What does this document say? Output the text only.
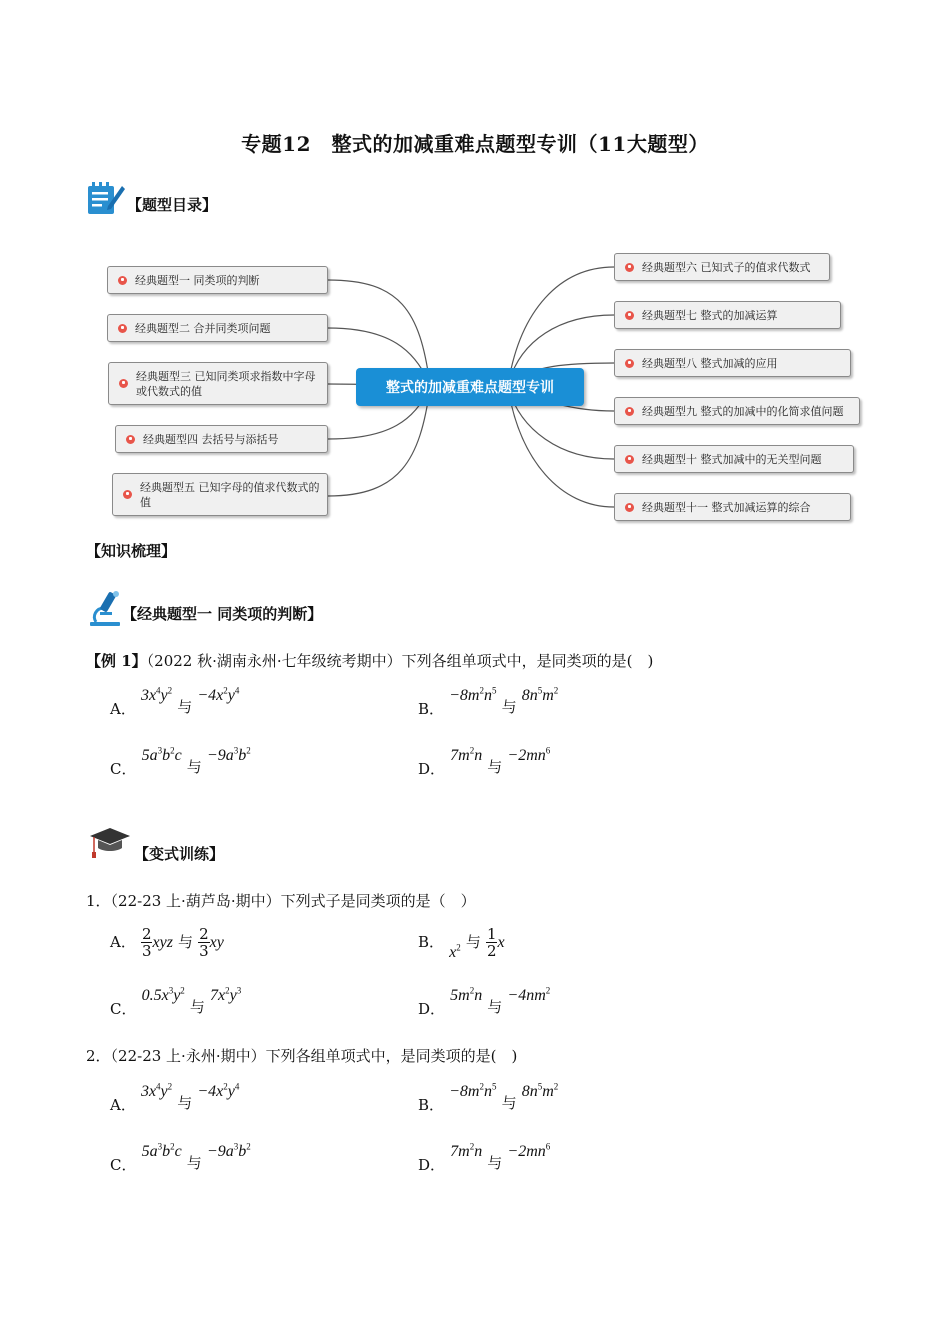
专题12　整式的加减重难点题型专训（11大题型）
【题型目录】
经典题型一 同类项的判断
经典题型二 合并同类项问题
经典题型三 已知同类项求指数中字母或代数式的值
经典题型四 去括号与添括号
经典题型五 已知字母的值求代数式的值
整式的加减重难点题型专训
经典题型六 已知式子的值求代数式
经典题型七 整式的加减运算
经典题型八 整式加减的应用
经典题型九 整式的加减中的化简求值问题
经典题型十 整式加减中的无关型问题
经典题型十一 整式加减运算的综合
【知识梳理】
【经典题型一 同类项的判断】
【例 1】（2022 秋·湖南永州·七年级统考期中）下列各组单项式中，是同类项的是(　)
A． $3x^4y^2$ 与 $-4x^2y^4$
B． $-8m^2n^5$ 与 $8n^5m^2$
C． $5a^3b^2c$ 与 $-9a^3b^2$
D． $7m^2n$ 与 $-2mn^6$
【变式训练】
1．（22-23 上·葫芦岛·期中）下列式子是同类项的是（　）
A． $\frac{2}{3}$ xyz 与 $\frac{2}{3}$ xy	B． $x^2$ 与 $\frac{1}{2}$ x
C． $0.5x^3y^2$ 与 $7x^2y^3$
D． $5m^2n$ 与 $-4nm^2$
2．（22-23 上·永州·期中）下列各组单项式中，是同类项的是(　)
A． $3x^4y^2$ 与 $-4x^2y^4$
B． $-8m^2n^5$ 与 $8n^5m^2$
C． $5a^3b^2c$ 与 $-9a^3b^2$
D． $7m^2n$ 与 $-2mn^6$
